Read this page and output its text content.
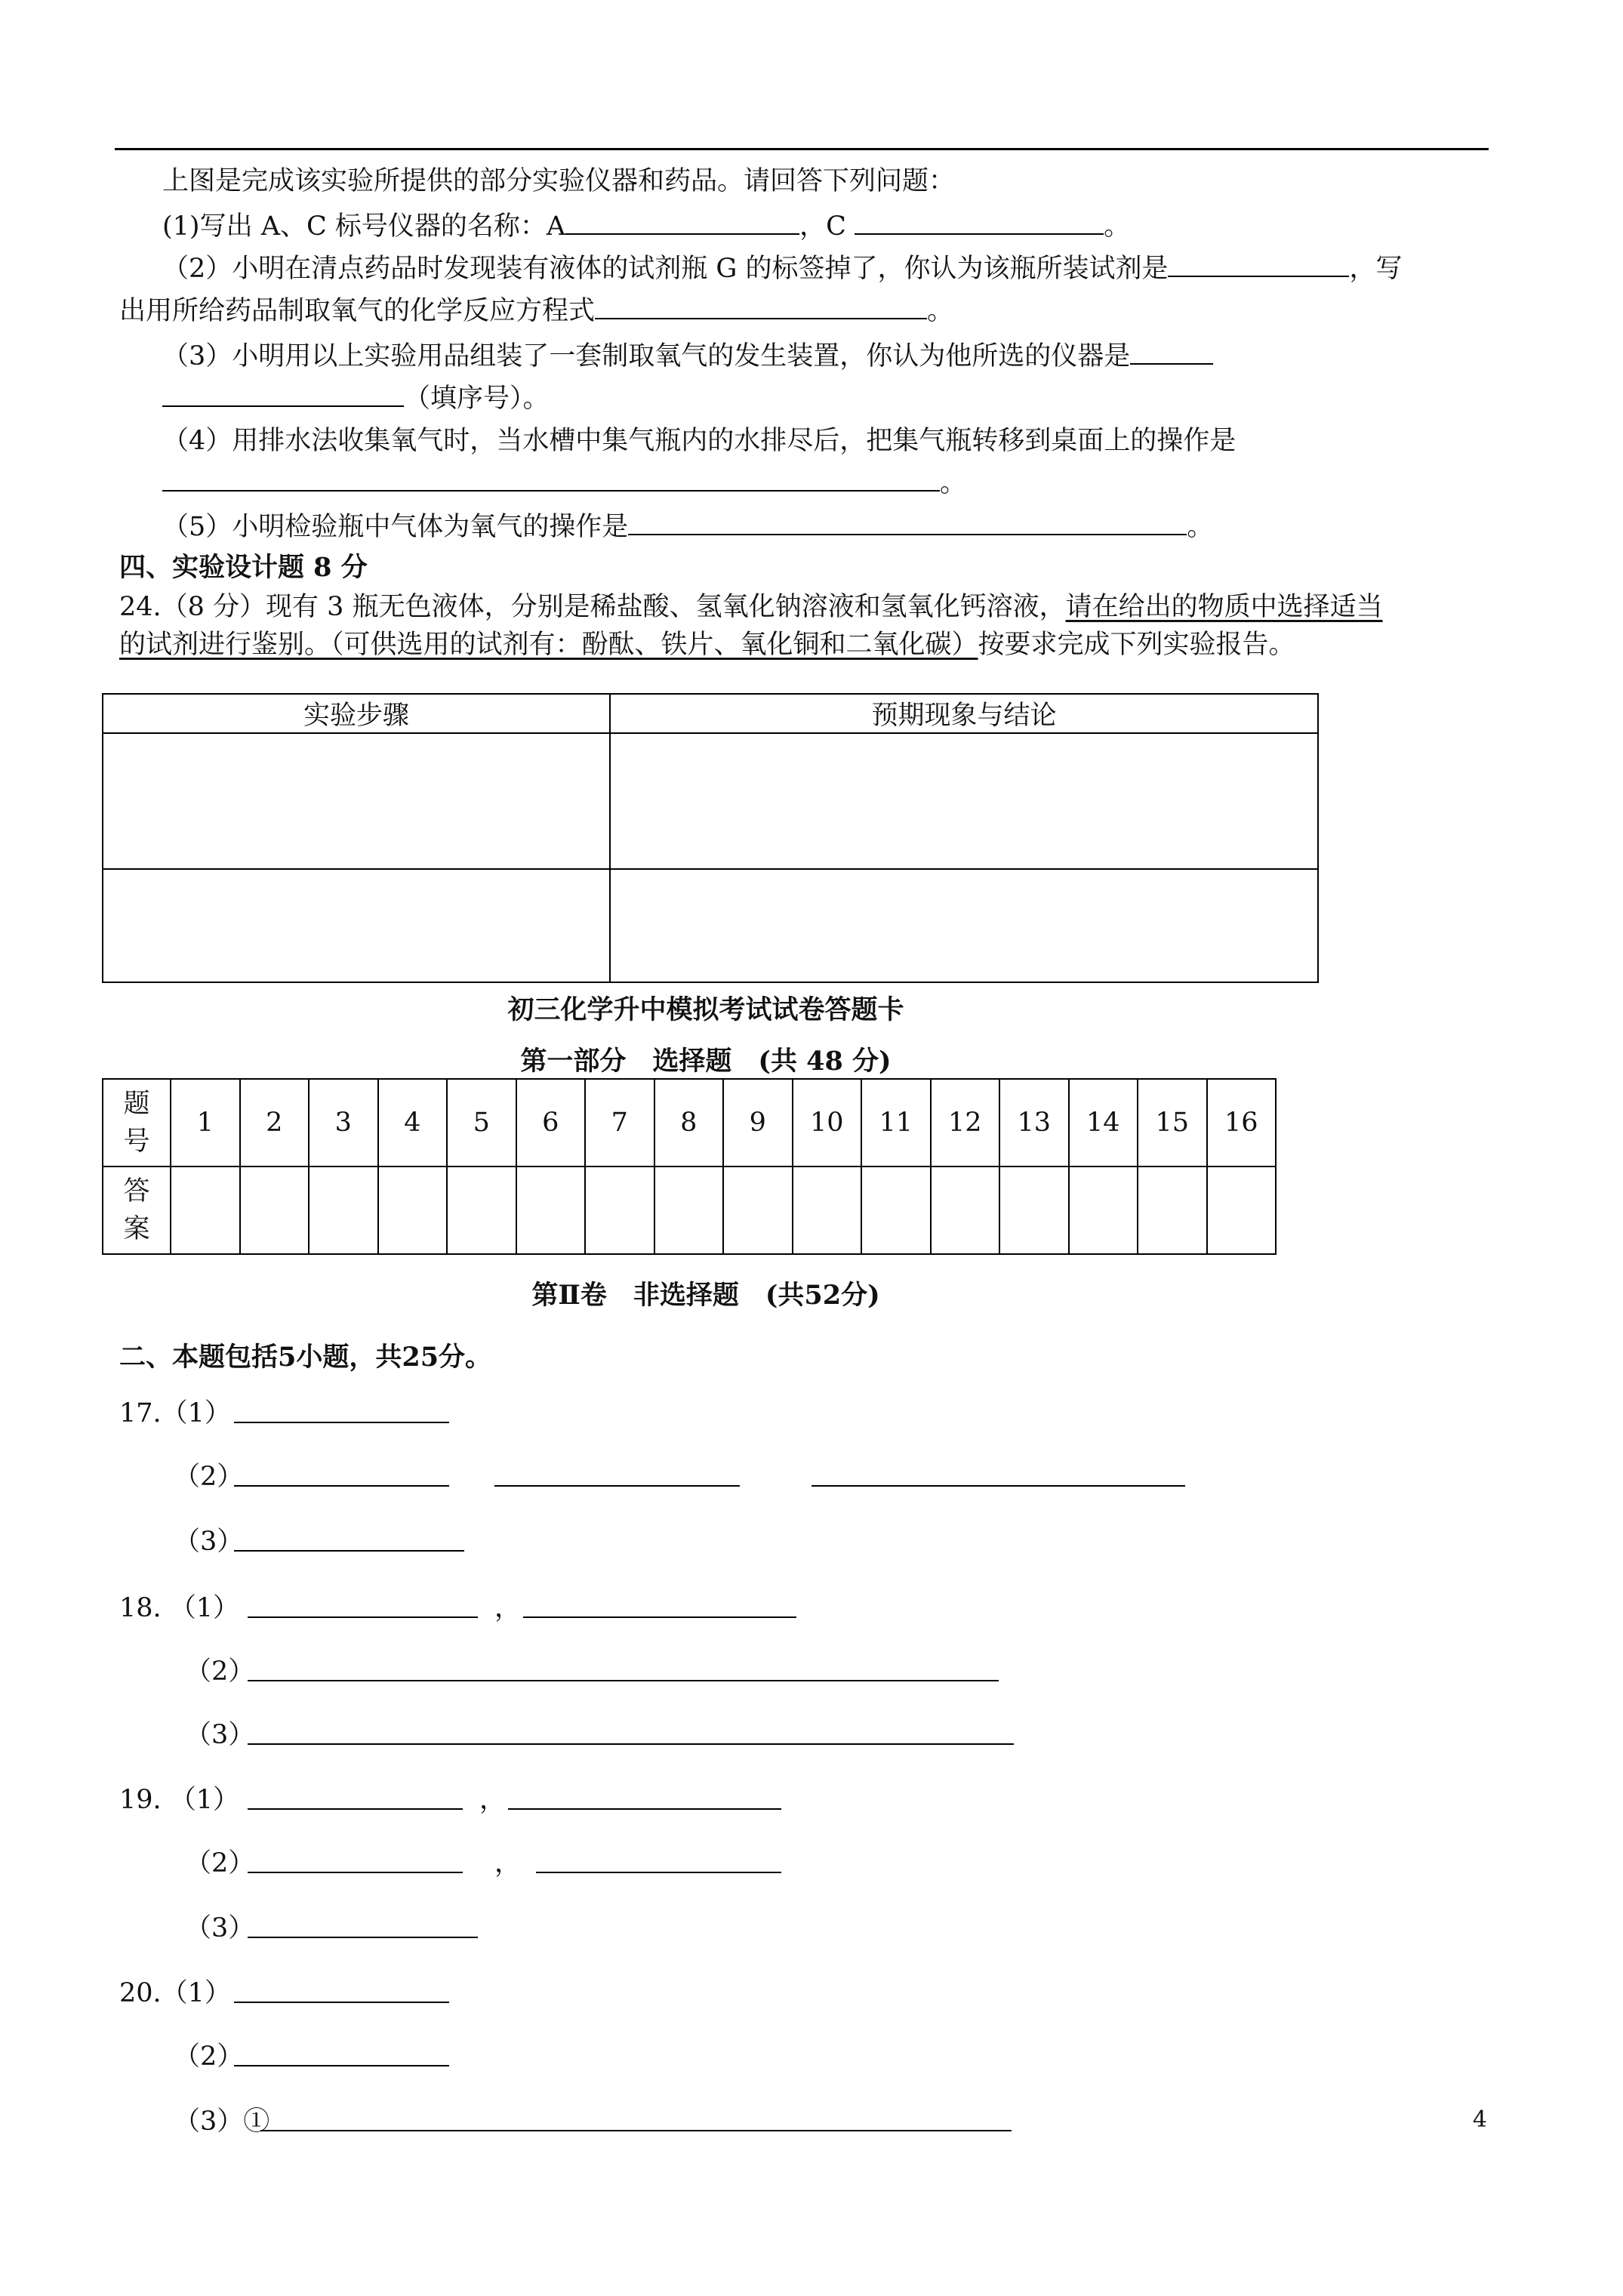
上图是完成该实验所提供的部分实验仪器和药品。请回答下列问题：
(1)写出 A、C 标号仪器的名称：A	，C	。
（2）小明在清点药品时发现装有液体的试剂瓶 G 的标签掉了，你认为该瓶所装试剂是	，写
出用所给药品制取氧气的化学反应方程式	。
（3）小明用以上实验用品组装了一套制取氧气的发生装置，你认为他所选的仪器是
（填序号）。
（4）用排水法收集氧气时，当水槽中集气瓶内的水排尽后，把集气瓶转移到桌面上的操作是
。
（5）小明检验瓶中气体为氧气的操作是	。
四、实验设计题 8 分
24.（8 分）现有 3 瓶无色液体，分别是稀盐酸、氢氧化钠溶液和氢氧化钙溶液，请在给出的物质中选择适当
的试剂进行鉴别。（可供选用的试剂有：酚酞、铁片、氧化铜和二氧化碳）按要求完成下列实验报告。
实验步骤	预期现象与结论

初三化学升中模拟考试试卷答题卡
第一部分　选择题　(共 48 分)
题
号	1	2	3	4	5	6	7	8	9	10	11	12	13	14	15	16
答
案																
第Ⅱ卷　非选择题　(共52分)
二、本题包括5小题，共25分。
17.（1）
（2）
（3）
18. （1）	，
（2）
（3）
19. （1）	，
（2）	，
（3）
20.（1）
（2）
（3）①	4
